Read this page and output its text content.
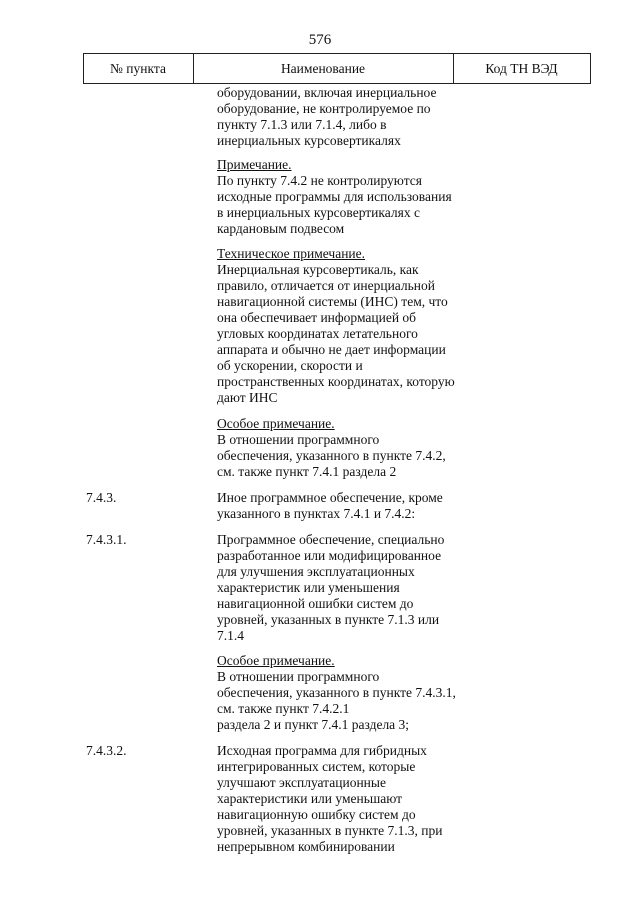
576
№ пункта	Наименование	Код ТН ВЭД
оборудовании, включая инерциальное
оборудование, не контролируемое по
пункту 7.1.3 или 7.1.4, либо в
инерциальных курсовертикалях
Примечание.
По пункту 7.4.2 не контролируются
исходные программы для использования
в инерциальных курсовертикалях с
кардановым подвесом
Техническое примечание.
Инерциальная курсовертикаль, как
правило, отличается от инерциальной
навигационной системы (ИНС) тем, что
она обеспечивает информацией об
угловых координатах летательного
аппарата и обычно не дает информации
об ускорении, скорости и
пространственных координатах, которую
дают ИНС
Особое примечание.
В отношении программного
обеспечения, указанного в пункте 7.4.2,
см. также пункт 7.4.1 раздела 2
7.4.3.	Иное программное обеспечение, кроме
указанного в пунктах 7.4.1 и 7.4.2:
7.4.3.1.	Программное обеспечение, специально
разработанное или модифицированное
для улучшения эксплуатационных
характеристик или уменьшения
навигационной ошибки систем до
уровней, указанных в пункте 7.1.3 или
7.1.4
Особое примечание.
В отношении программного
обеспечения, указанного в пункте 7.4.3.1,
см. также пункт 7.4.2.1
раздела 2 и пункт 7.4.1 раздела 3;
7.4.3.2.	Исходная программа для гибридных
интегрированных систем, которые
улучшают эксплуатационные
характеристики или уменьшают
навигационную ошибку систем до
уровней, указанных в пункте 7.1.3, при
непрерывном комбинировании
